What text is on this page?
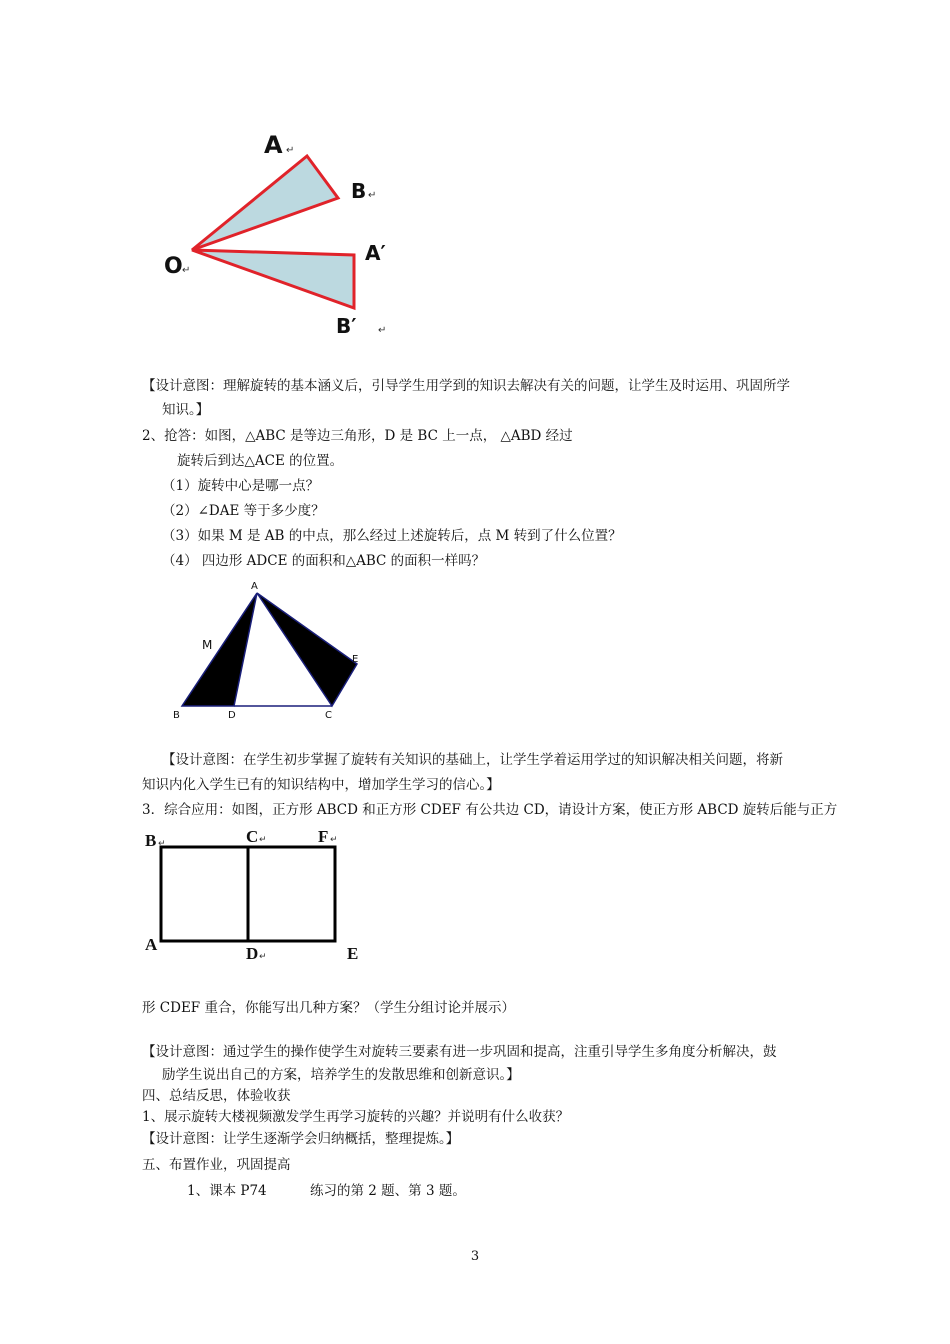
A ↵
B ↵
O ↵
A′
B′ ↵
【设计意图：理解旋转的基本涵义后，引导学生用学到的知识去解决有关的问题，让学生及时运用、巩固所学
知识。】
2、抢答：如图，△ABC 是等边三角形，D 是 BC 上一点， △ABD 经过
旋转后到达△ACE 的位置。
（1）旋转中心是哪一点？
（2）∠DAE 等于多少度？
（3）如果 M 是 AB 的中点，那么经过上述旋转后，点 M 转到了什么位置？
（4） 四边形 ADCE 的面积和△ABC 的面积一样吗？
A
M
E
B	D	C
【设计意图：在学生初步掌握了旋转有关知识的基础上，让学生学着运用学过的知识解决相关问题，将新
知识内化入学生已有的知识结构中，增加学生学习的信心。】
3．综合应用：如图，正方形 ABCD 和正方形 CDEF 有公共边 CD，请设计方案，使正方形 ABCD 旋转后能与正方
B ↵	C ↵	F ↵
A	D ↵	E
形 CDEF 重合，你能写出几种方案？（学生分组讨论并展示）
【设计意图：通过学生的操作使学生对旋转三要素有进一步巩固和提高，注重引导学生多角度分析解决，鼓
励学生说出自己的方案，培养学生的发散思维和创新意识。】
四、总结反思，体验收获
1、展示旋转大楼视频激发学生再学习旋转的兴趣？并说明有什么收获？
【设计意图：让学生逐渐学会归纳概括，整理提炼。】
五、布置作业，巩固提高
1、课本 P74	练习的第 2 题、第 3 题。
3
